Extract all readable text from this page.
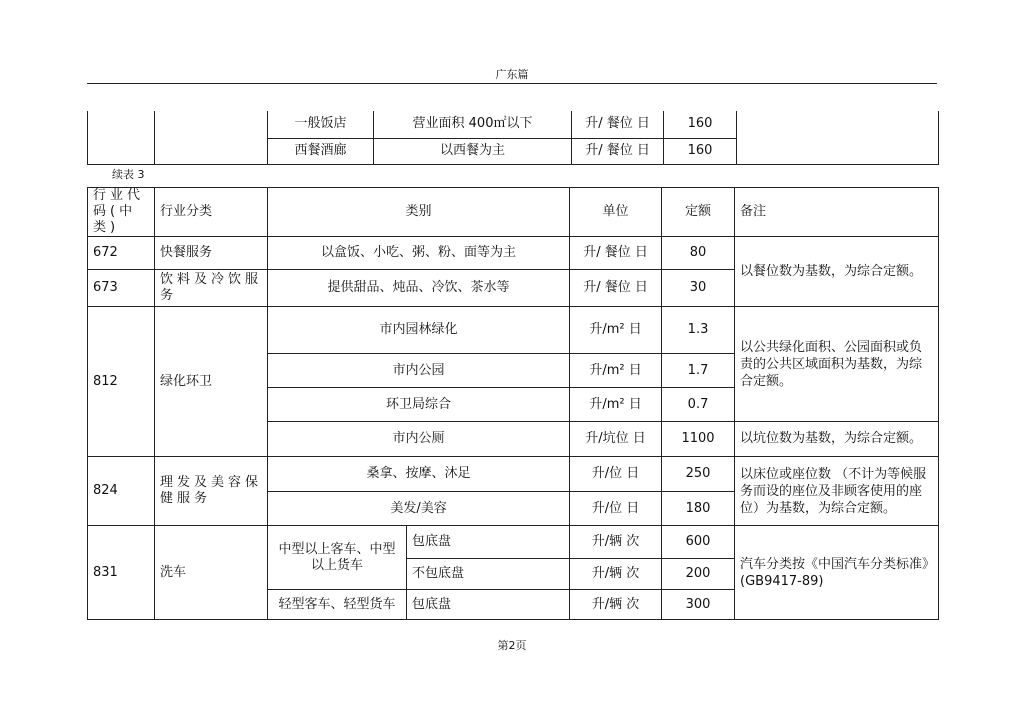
广东篇
		一般饭店	营业面积 400㎡以下	升/ 餐位 日	160	
		西餐酒廊	以西餐为主	升/ 餐位 日	160	
续表 3
行业代码(中类)	行业分类	类别		单位	定额	备注
672	快餐服务	以盒饭、小吃、粥、粉、面等为主		升/ 餐位 日	80	以餐位数为基数，为综合定额。
673	饮料及冷饮服务	提供甜品、炖品、冷饮、茶水等		升/ 餐位 日	30	
812	绿化环卫	市内园林绿化		升/m² 日	1.3	以公共绿化面积、公园面积或负责的公共区域面积为基数，为综合定额。
		市内公园		升/m² 日	1.7	
		环卫局综合		升/m² 日	0.7	
		市内公厕		升/坑位 日	1100	以坑位数为基数，为综合定额。
824	理发及美容保健服务	桑拿、按摩、沐足		升/位 日	250	以床位或座位数 （不计为等候服务而设的座位及非顾客使用的座位）为基数，为综合定额。
		美发/美容		升/位 日	180	
831	洗车	中型以上客车、中型以上货车	包底盘	升/辆 次	600	汽车分类按《中国汽车分类标准》(GB9417-89)
			不包底盘	升/辆 次	200	
		轻型客车、轻型货车	包底盘	升/辆 次	300	
第2页
